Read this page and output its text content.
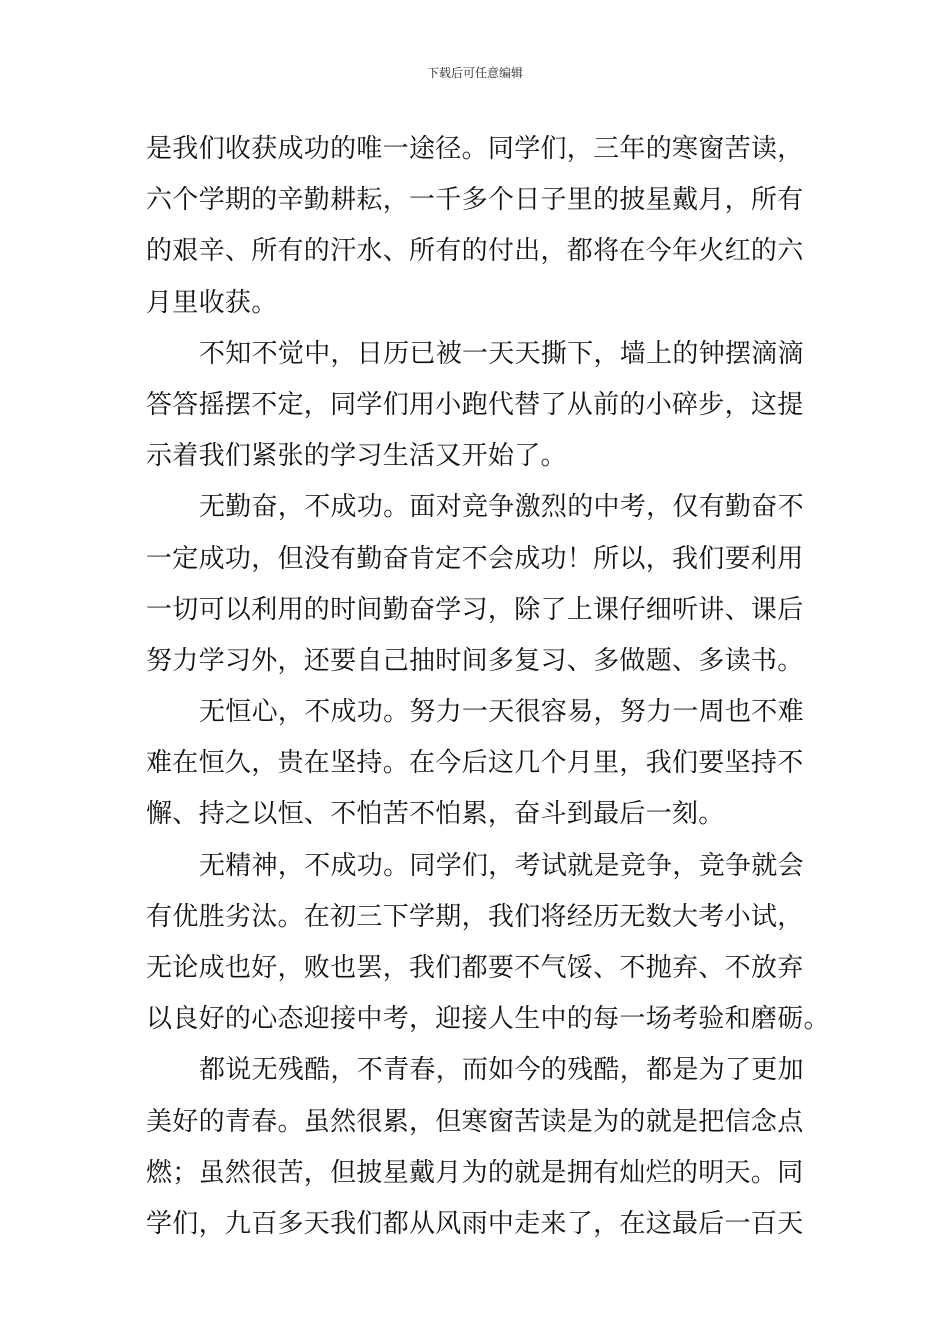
下载后可任意编辑
是我们收获成功的唯一途径。同学们，三年的寒窗苦读，
六个学期的辛勤耕耘，一千多个日子里的披星戴月，所有
的艰辛、所有的汗水、所有的付出，都将在今年火红的六
月里收获。
不知不觉中，日历已被一天天撕下，墙上的钟摆滴滴
答答摇摆不定，同学们用小跑代替了从前的小碎步，这提
示着我们紧张的学习生活又开始了。
无勤奋，不成功。面对竞争激烈的中考，仅有勤奋不
一定成功，但没有勤奋肯定不会成功！所以，我们要利用
一切可以利用的时间勤奋学习，除了上课仔细听讲、课后
努力学习外，还要自己抽时间多复习、多做题、多读书。
无恒心，不成功。努力一天很容易，努力一周也不难
难在恒久，贵在坚持。在今后这几个月里，我们要坚持不
懈、持之以恒、不怕苦不怕累，奋斗到最后一刻。
无精神，不成功。同学们，考试就是竞争，竞争就会
有优胜劣汰。在初三下学期，我们将经历无数大考小试，
无论成也好，败也罢，我们都要不气馁、不抛弃、不放弃
以良好的心态迎接中考，迎接人生中的每一场考验和磨砺。
都说无残酷，不青春，而如今的残酷，都是为了更加
美好的青春。虽然很累，但寒窗苦读是为的就是把信念点
燃；虽然很苦，但披星戴月为的就是拥有灿烂的明天。同
学们，九百多天我们都从风雨中走来了，在这最后一百天
